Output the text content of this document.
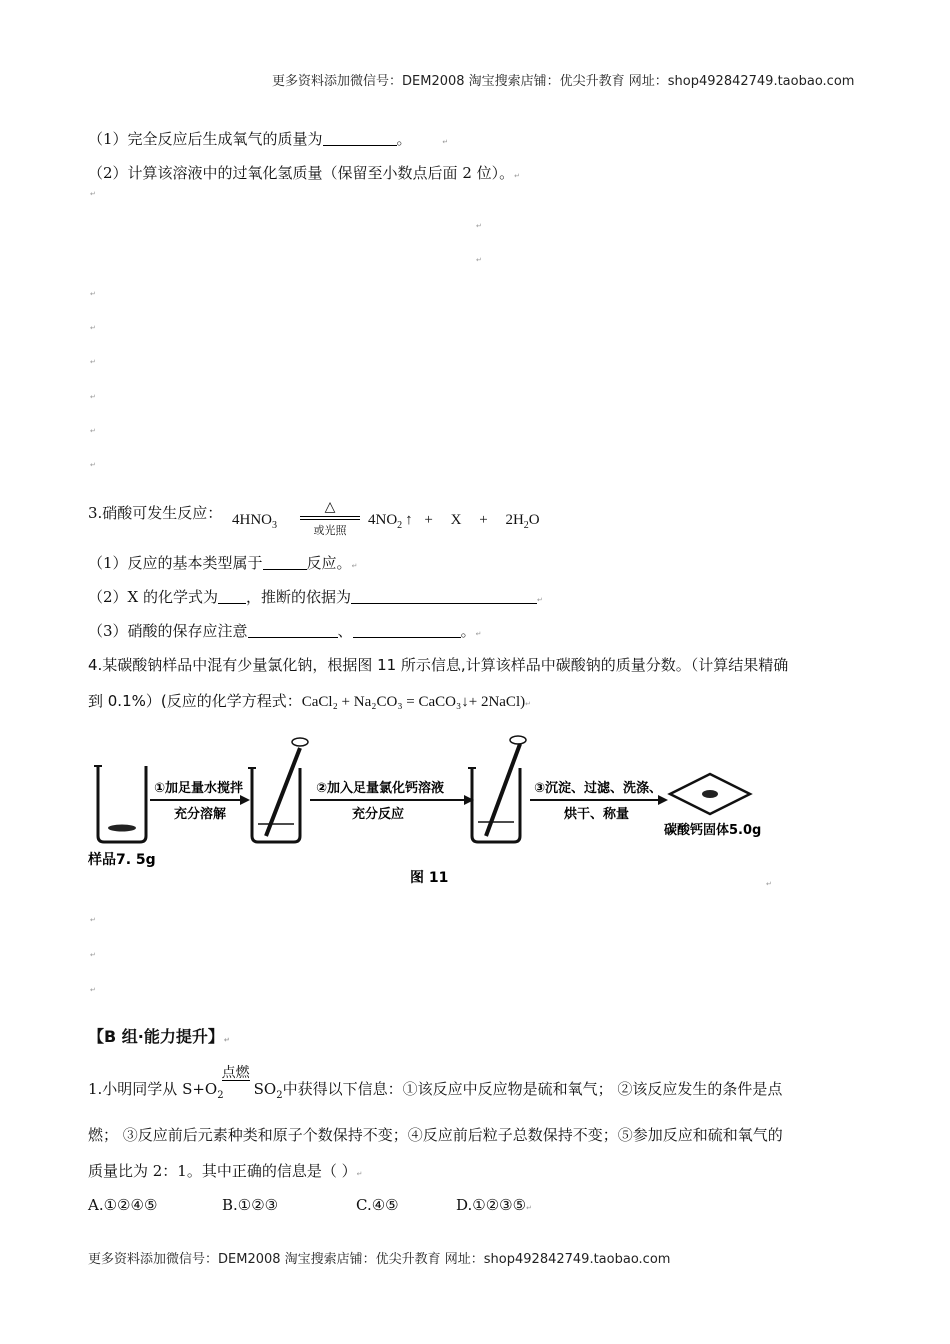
更多资料添加微信号：DEM2008 淘宝搜索店铺：优尖升教育 网址：shop492842749.taobao.com
（1）完全反应后生成氧气的质量为	。	↵
（2）计算该溶液中的过氧化氢质量（保留至小数点后面 2 位）。↵
↵
↵
↵
↵
↵
↵
↵
↵
↵
3.硝酸可发生反应： $4HNO_3$
△
或光照
$4NO_2$ ↑ + $X + 2H_2O$
（1）反应的基本类型属于	反应。↵
（2）X 的化学式为 ，推断的依据为	↵
（3）硝酸的保存应注意	、	。↵
4.某碳酸钠样品中混有少量氯化钠，根据图 11 所示信息,计算该样品中碳酸钠的质量分数。（计算结果精确
到 0.1%）(反应的化学方程式：CaCl₂ + Na₂CO₃ = CaCO₃↓+ 2NaCl)↵
样品7. 5g
①加足量水搅拌
充分溶解
②加入足量氯化钙溶液
充分反应
③沉淀、过滤、洗涤、
烘干、称量
碳酸钙固体5.0g
图 11	↵
↵
↵
↵
【B 组·能力提升】↵
1.小明同学从 $S+O_2$
点燃
$SO_2$中获得以下信息：①该反应中反应物是硫和氧气； ②该反应发生的条件是点
燃； ③反应前后元素种类和原子个数保持不变；④反应前后粒子总数保持不变；⑤参加反应和硫和氧气的
质量比为 2：1。其中正确的信息是（ ）↵
A.①②④⑤	B.①②③	C.④⑤	D.①②③⑤↵
更多资料添加微信号：DEM2008 淘宝搜索店铺：优尖升教育 网址：shop492842749.taobao.com
